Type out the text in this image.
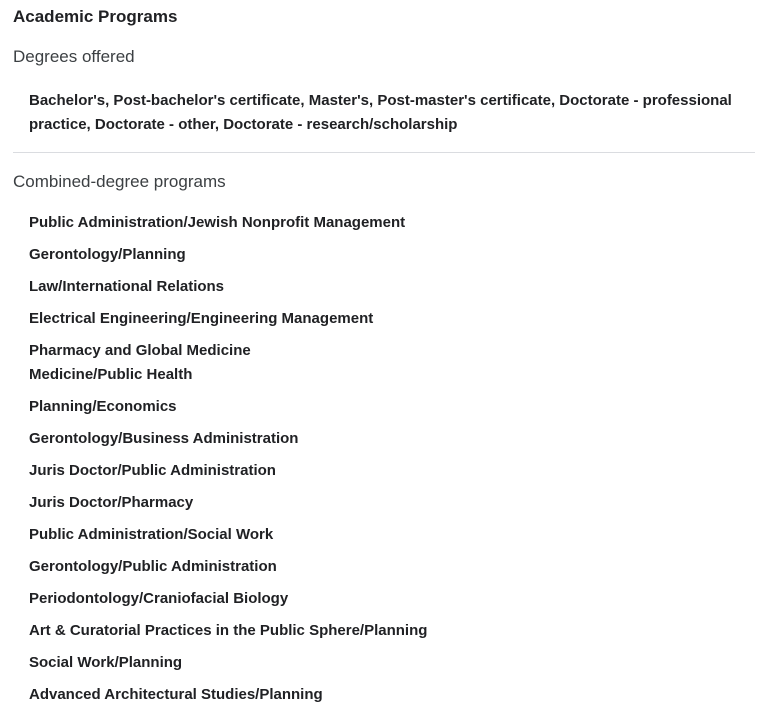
Academic Programs
Degrees offered
Bachelor's, Post-bachelor's certificate, Master's, Post-master's certificate, Doctorate - professional practice, Doctorate - other, Doctorate - research/scholarship
Combined-degree programs
Public Administration/Jewish Nonprofit Management
Gerontology/Planning
Law/International Relations
Electrical Engineering/Engineering Management
Pharmacy and Global Medicine
Medicine/Public Health
Planning/Economics
Gerontology/Business Administration
Juris Doctor/Public Administration
Juris Doctor/Pharmacy
Public Administration/Social Work
Gerontology/Public Administration
Periodontology/Craniofacial Biology
Art & Curatorial Practices in the Public Sphere/Planning
Social Work/Planning
Advanced Architectural Studies/Planning
